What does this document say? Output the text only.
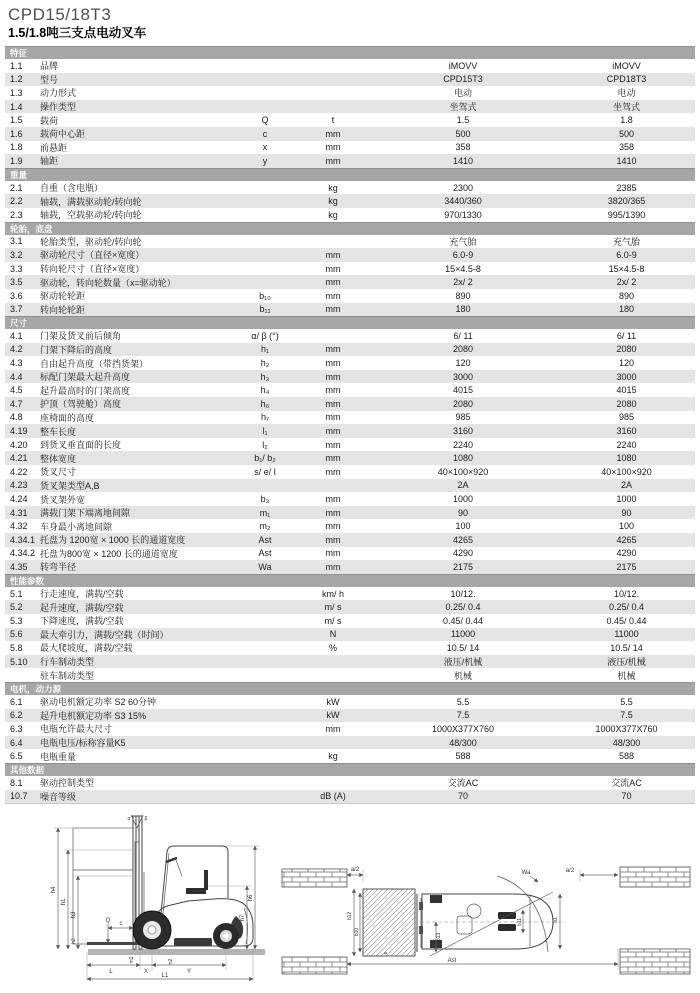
CPD15/18T3
1.5/1.8吨三支点电动叉车
特征
1.1	品牌	iMOVV	iMOVV
1.2	型号	CPD15T3	CPD18T3
1.3	动力形式	电动	电动
1.4	操作类型	坐驾式	坐驾式
1.5	载荷	Q	t	1.5	1.8
1.6	载荷中心距	c	mm	500	500
1.8	前悬距	x	mm	358	358
1.9	轴距	y	mm	1410	1410
重量
2.1	自重（含电瓶）	kg	2300	2385
2.2	轴载，满载驱动轮/转向轮	kg	3440/360	3820/365
2.3	轴载，空载驱动轮/转向轮	kg	970/1330	995/1390
轮胎，底盘
3.1	轮胎类型，驱动轮/转向轮	充气胎	充气胎
3.2	驱动轮尺寸（直径×宽度）	mm	6.0-9	6.0-9
3.3	转向轮尺寸（直径×宽度）	mm	15×4.5-8	15×4.5-8
3.5	驱动轮，转向轮数量（x=驱动轮）	mm	2x/ 2	2x/ 2
3.6	驱动轮轮距	b₁₀	mm	890	890
3.7	转向轮轮距	b₁₁	mm	180	180
尺寸
4.1	门架及货叉前后倾角	α/ β (°)	6/ 11	6/ 11
4.2	门架下降后的高度	h₁	mm	2080	2080
4.3	自由起升高度（带挡货架）	h₂	mm	120	120
4.4	标配门架最大起升高度	h₃	mm	3000	3000
4.5	起升最高时的门架高度	h₄	mm	4015	4015
4.7	护顶（驾驶舱）高度	h₆	mm	2080	2080
4.8	座椅面的高度	h₇	mm	985	985
4.19	整车长度	l₁	mm	3160	3160
4.20	到货叉垂直面的长度	l₂	mm	2240	2240
4.21	整体宽度	b₁/ b₂	mm	1080	1080
4.22	货叉尺寸	s/ e/ l	mm	40×100×920	40×100×920
4.23	货叉架类型A,B	2A	2A
4.24	货叉架外宽	b₃	mm	1000	1000
4.31	满载门架下端离地间隙	m₁	mm	90	90
4.32	车身最小离地间隙	m₂	mm	100	100
4.34.1 托盘为 1200宽 × 1000 长的通道宽度	Ast	mm	4265	4265
4.34.2 托盘为800宽 × 1200 长的通道宽度	Ast	mm	4290	4290
4.35	转弯半径	Wa	mm	2175	2175
性能参数
5.1	行走速度，满载/空载	km/ h	10/12.	10/12.
5.2	起升速度，满载/空载	m/ s	0.25/ 0.4	0.25/ 0.4
5.3	下降速度，满载/空载	m/ s	0.45/ 0.44	0.45/ 0.44
5.6	最大牵引力，满载/空载（时间）	N	11000	11000
5.8	最大爬坡度，满载/空载	%	10.5/ 14	10.5/ 14
5.10	行车制动类型	液压/机械	液压/机械
驻车制动类型	机械	机械
电机，动力源
6.1	驱动电机额定功率 S2 60分钟	kW	5.5	5.5
6.2	起升电机额定功率 S3 15%	kW	7.5	7.5
6.3	电瓶允许最大尺寸	mm	1000X377X760	1000X377X760
6.4	电瓶电压/标称容量K5	48/300	48/300
6.5	电瓶重量	kg	588	588
其他数据
8.1	驱动控制类型	交流AC	交流AC
10.7	噪音等级	dB (A)	70	70
α	β
h4
h1
h3
h2
h6
h7
Q c
m1	m2
L	X	Y
L1
b12
b10
e
Wa
b13
b11	b1
a/2	a/2
Ast
